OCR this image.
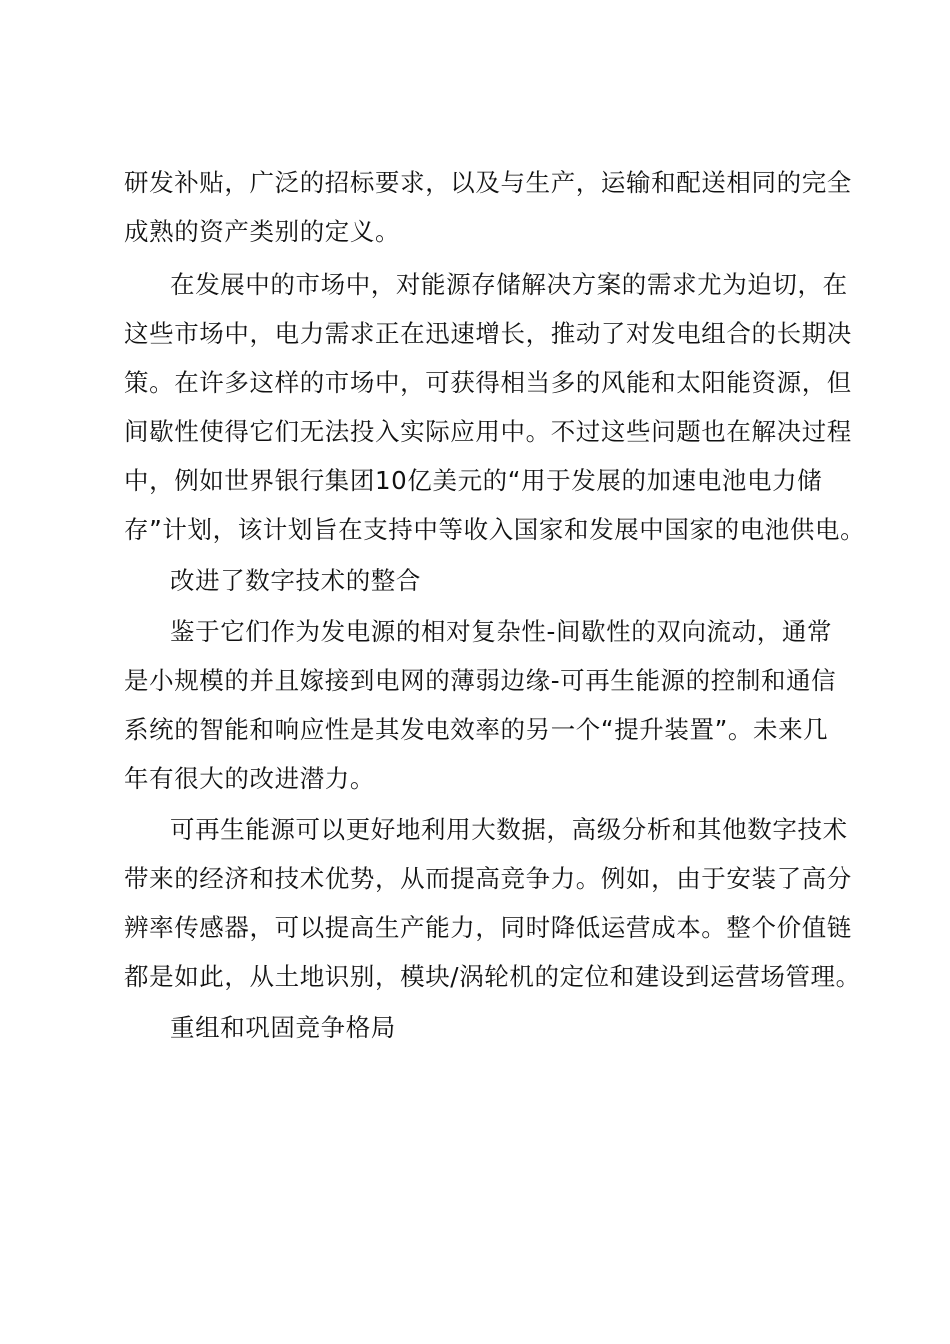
研发补贴，广泛的招标要求，以及与生产，运输和配送相同的完全
成熟的资产类别的定义。
在发展中的市场中，对能源存储解决方案的需求尤为迫切，在
这些市场中，电力需求正在迅速增长，推动了对发电组合的长期决
策。在许多这样的市场中，可获得相当多的风能和太阳能资源，但
间歇性使得它们无法投入实际应用中。不过这些问题也在解决过程
中，例如世界银行集团10亿美元的“用于发展的加速电池电力储
存”计划，该计划旨在支持中等收入国家和发展中国家的电池供电。
改进了数字技术的整合
鉴于它们作为发电源的相对复杂性-间歇性的双向流动，通常
是小规模的并且嫁接到电网的薄弱边缘-可再生能源的控制和通信
系统的智能和响应性是其发电效率的另一个“提升装置”。未来几
年有很大的改进潜力。
可再生能源可以更好地利用大数据，高级分析和其他数字技术
带来的经济和技术优势，从而提高竞争力。例如，由于安装了高分
辨率传感器，可以提高生产能力，同时降低运营成本。整个价值链
都是如此，从土地识别，模块/涡轮机的定位和建设到运营场管理。
重组和巩固竞争格局
